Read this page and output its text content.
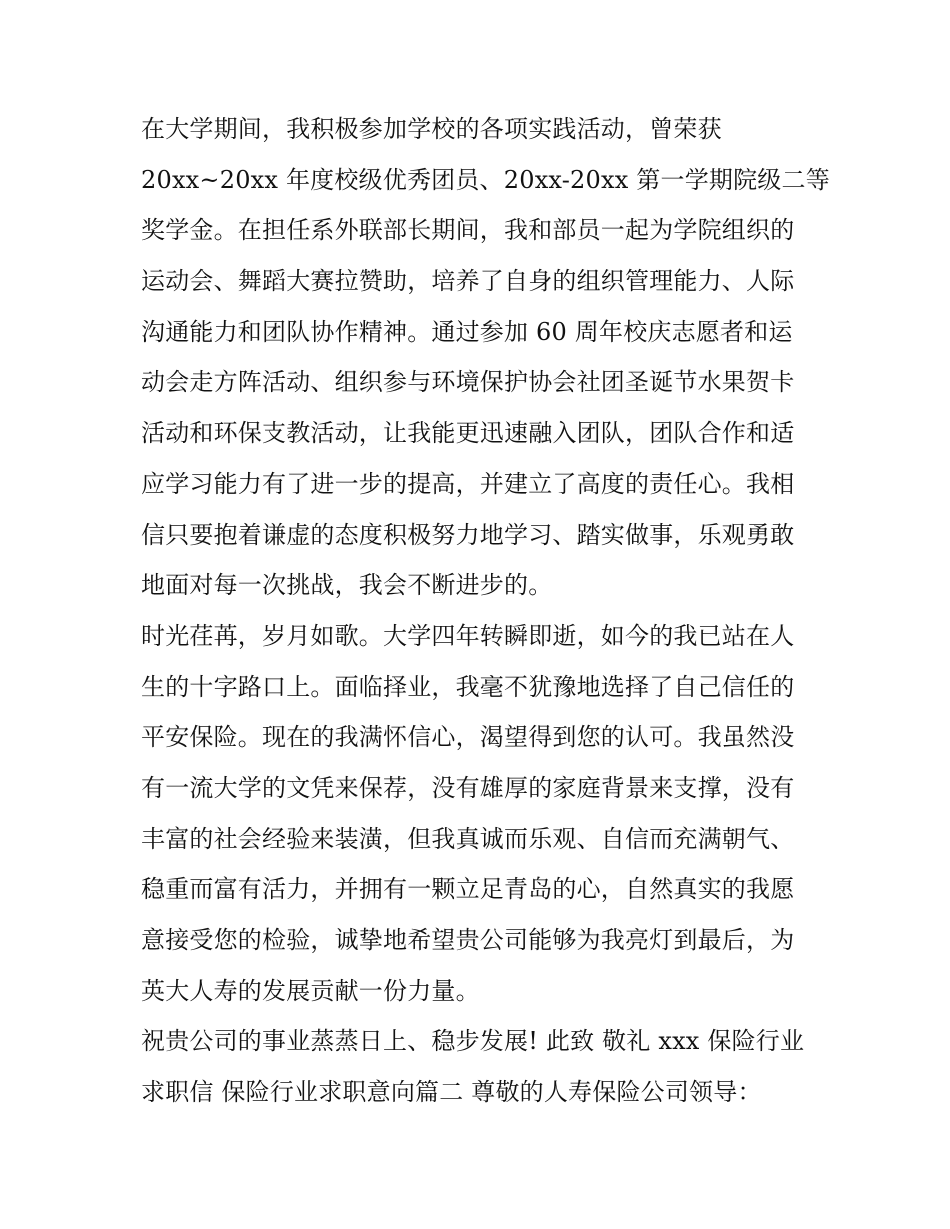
在大学期间，我积极参加学校的各项实践活动，曾荣获
20xx~20xx 年度校级优秀团员、20xx-20xx 第一学期院级二等
奖学金。在担任系外联部长期间，我和部员一起为学院组织的
运动会、舞蹈大赛拉赞助，培养了自身的组织管理能力、人际
沟通能力和团队协作精神。通过参加 60 周年校庆志愿者和运
动会走方阵活动、组织参与环境保护协会社团圣诞节水果贺卡
活动和环保支教活动，让我能更迅速融入团队，团队合作和适
应学习能力有了进一步的提高，并建立了高度的责任心。我相
信只要抱着谦虚的态度积极努力地学习、踏实做事，乐观勇敢
地面对每一次挑战，我会不断进步的。
时光荏苒，岁月如歌。大学四年转瞬即逝，如今的我已站在人
生的十字路口上。面临择业，我毫不犹豫地选择了自己信任的
平安保险。现在的我满怀信心，渴望得到您的认可。我虽然没
有一流大学的文凭来保荐，没有雄厚的家庭背景来支撑，没有
丰富的社会经验来装潢，但我真诚而乐观、自信而充满朝气、
稳重而富有活力，并拥有一颗立足青岛的心，自然真实的我愿
意接受您的检验，诚挚地希望贵公司能够为我亮灯到最后，为
英大人寿的发展贡献一份力量。
祝贵公司的事业蒸蒸日上、稳步发展! 此致 敬礼 xxx 保险行业
求职信 保险行业求职意向篇二 尊敬的人寿保险公司领导：
